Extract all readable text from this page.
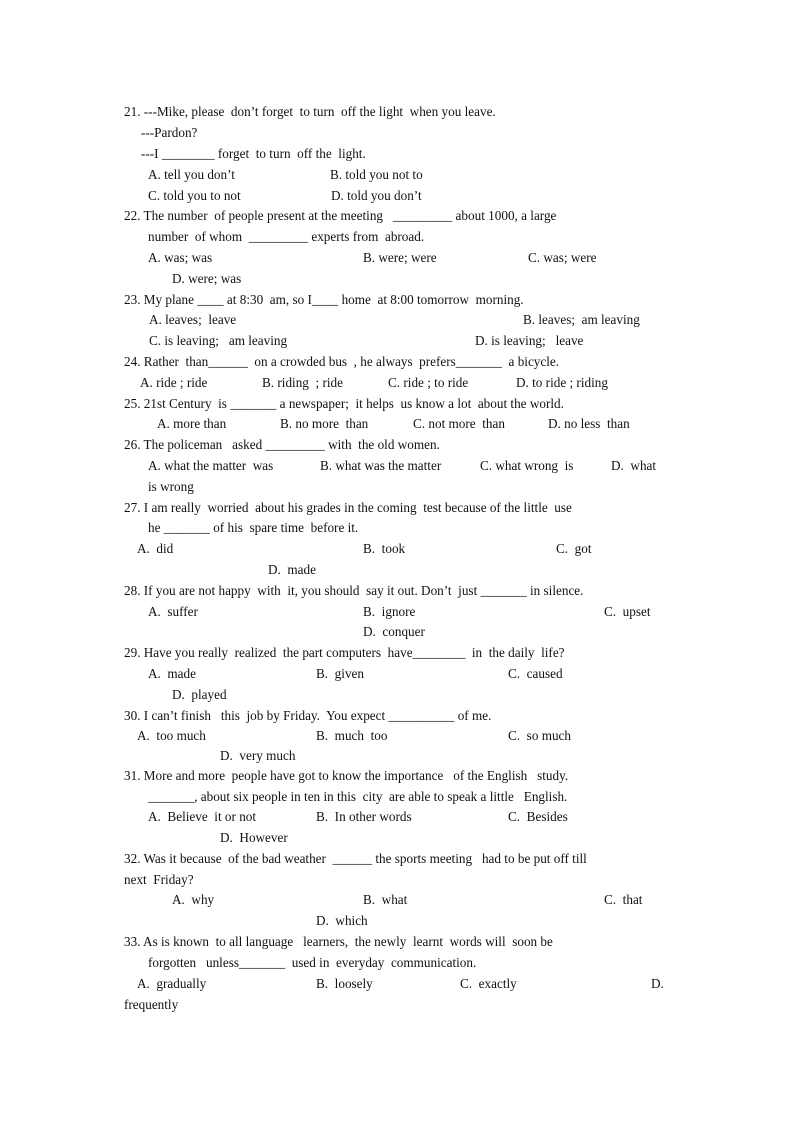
21. ---Mike, please  don’t forget  to turn  off the light  when you leave.
---Pardon?
---I ________ forget  to turn  off the  light.
A. tell you don’t	B. told you not to
C. told you to not	D. told you don’t
22. The number  of people present at the meeting   _________ about 1000, a large
number  of whom  _________ experts from  abroad.
A. was; was	B. were; were	C. was; were
D. were; was
23. My plane ____ at 8:30  am, so I____ home  at 8:00 tomorrow  morning.
A. leaves;  leave	B. leaves;  am leaving
C. is leaving;   am leaving	D. is leaving;   leave
24. Rather  than______  on a crowded bus  , he always  prefers_______  a bicycle.
A. ride ; ride	B. riding  ; ride	C. ride ; to ride	D. to ride ; riding
25. 21st Century  is _______ a newspaper;  it helps  us know a lot  about the world.
A. more than	B. no more  than	C. not more  than	D. no less  than
26. The policeman   asked _________ with  the old women.
A. what the matter  was	B. what was the matter	C. what wrong  is	D.  what
is wrong
27. I am really  worried  about his grades in the coming  test because of the little  use
he _______ of his  spare time  before it.
A.  did	B.  took	C.  got
D.  made
28. If you are not happy  with  it, you should  say it out. Don’t  just _______ in silence.
A.  suffer	B.  ignore	C.  upset
D.  conquer
29. Have you really  realized  the part computers  have________  in  the daily  life?
A.  made	B.  given	C.  caused
D.  played
30. I can’t finish   this  job by Friday.  You expect __________ of me.
A.  too much	B.  much  too	C.  so much
D.  very much
31. More and more  people have got to know the importance   of the English   study.
_______, about six people in ten in this  city  are able to speak a little   English.
A.  Believe  it or not	B.  In other words	C.  Besides
D.  However
32. Was it because  of the bad weather  ______ the sports meeting   had to be put off till
next  Friday?
A.  why	B.  what	C.  that
D.  which
33. As is known  to all language   learners,  the newly  learnt  words will  soon be
forgotten   unless_______  used in  everyday  communication.
A.  gradually	B.  loosely	C.  exactly	D.
frequently
